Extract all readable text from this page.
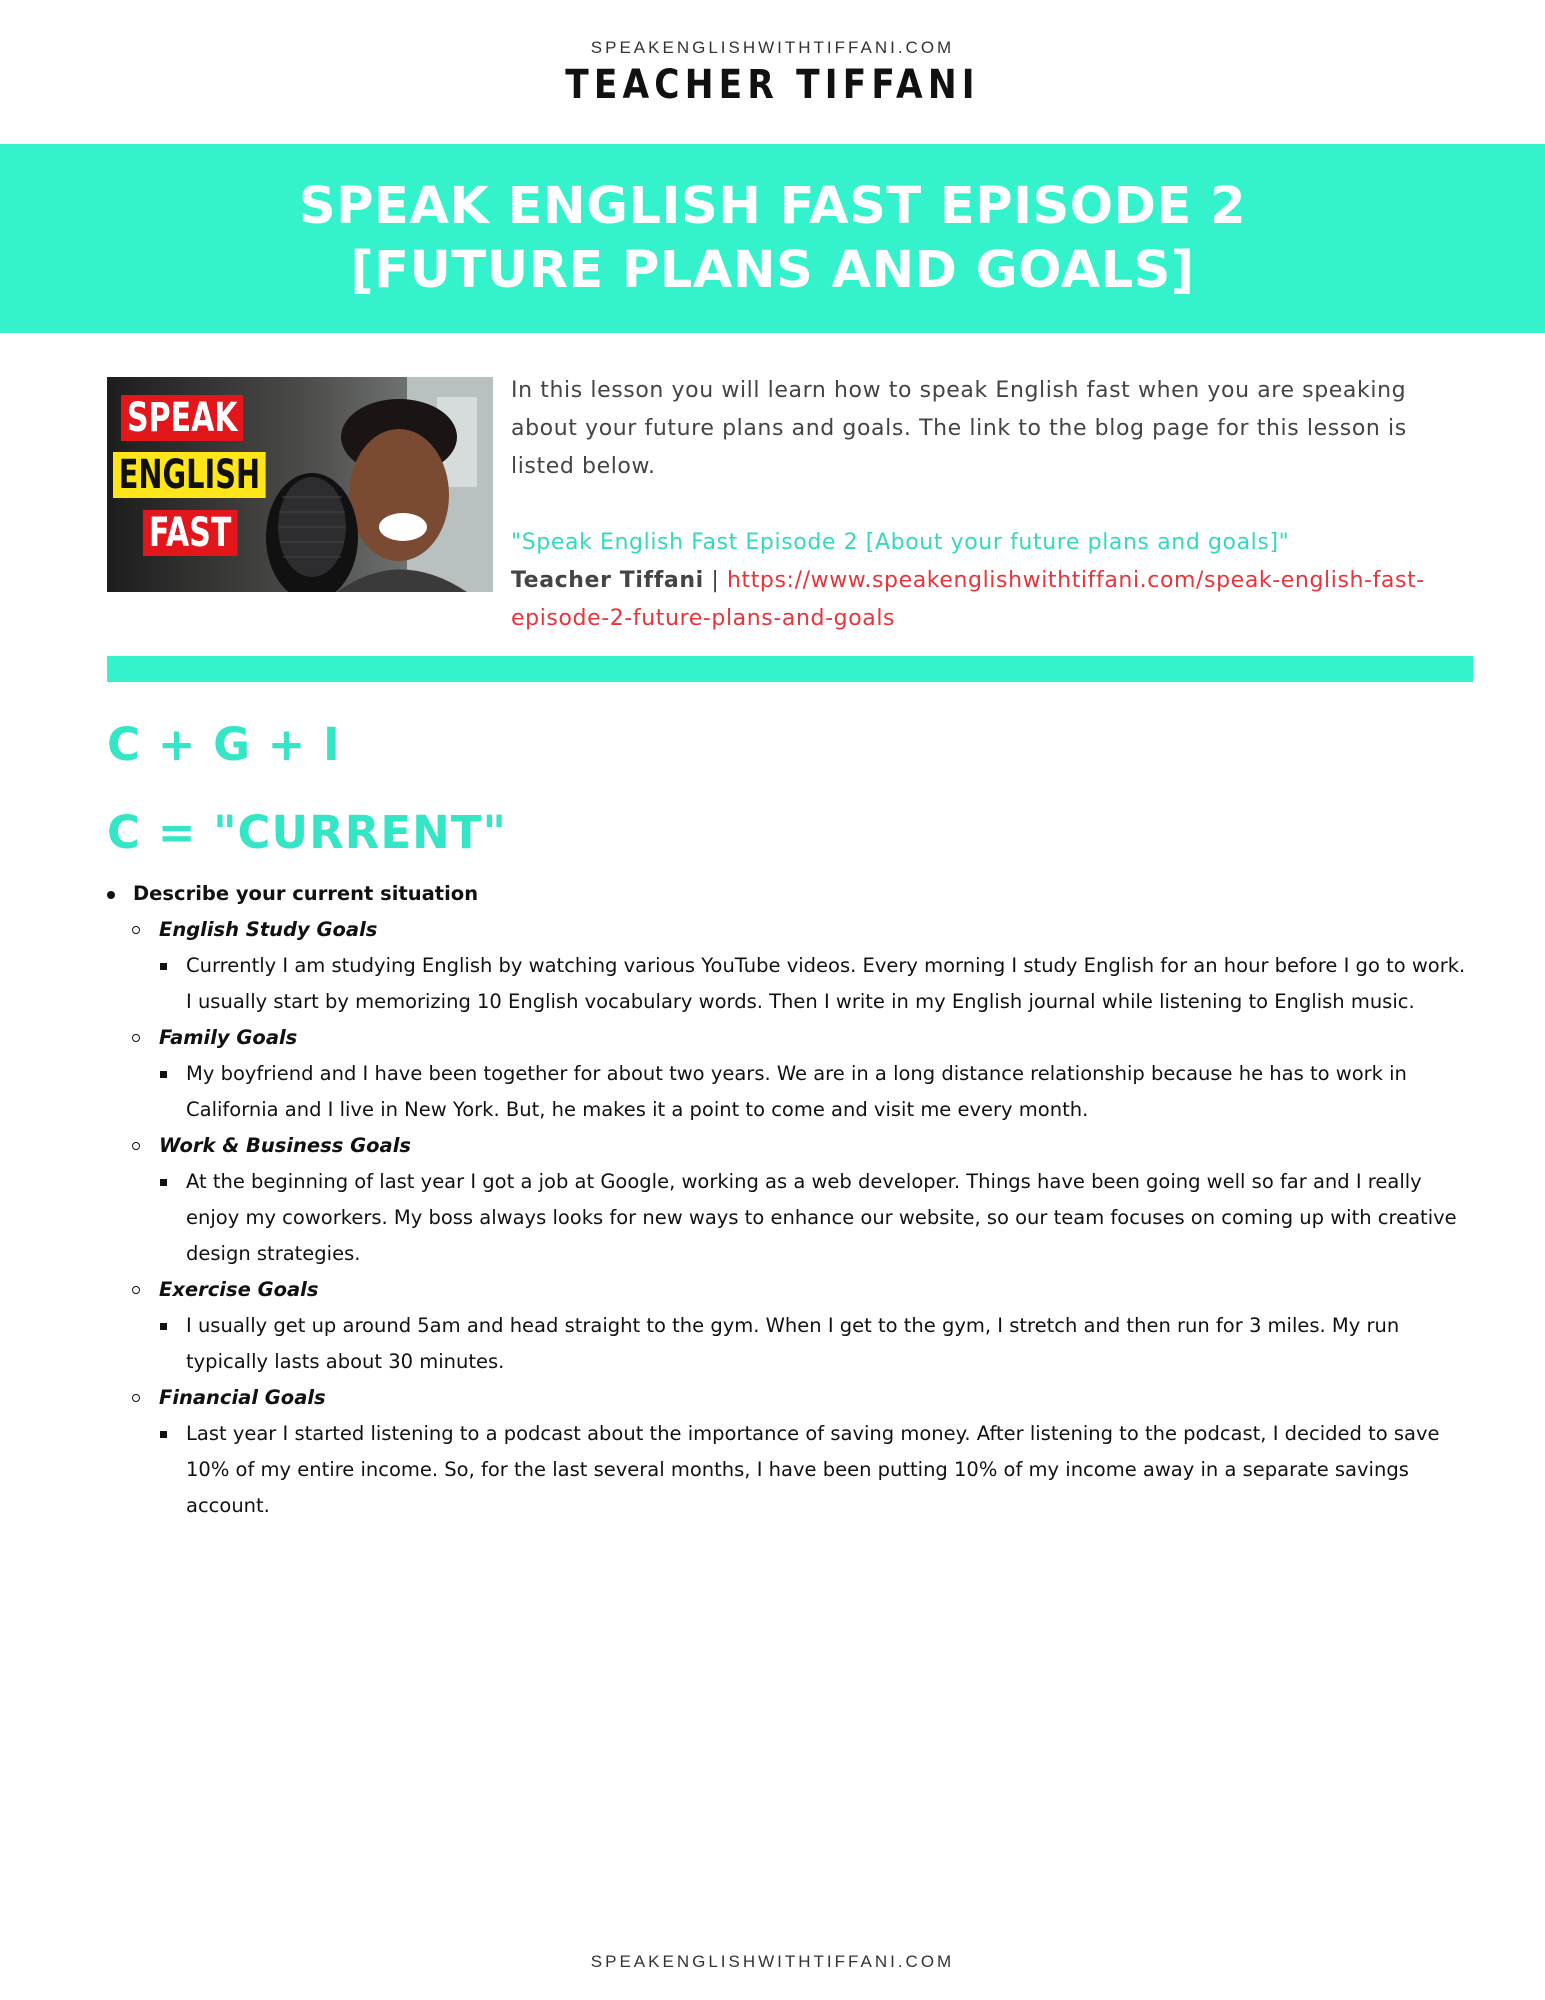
SPEAKENGLISHWITHTIFFANI.COM
TEACHER TIFFANI
SPEAK ENGLISH FAST EPISODE 2
[FUTURE PLANS AND GOALS]
SPEAK
ENGLISH
FAST

In this lesson you will learn how to speak English fast when you are speaking about your future plans and goals. The link to the blog page for this lesson is listed below.

"Speak English Fast Episode 2 [About your future plans and goals]"

Teacher Tiffani | https://www.speakenglishwithtiffani.com/speak-english-fast-episode-2-future-plans-and-goals

C + G + I
C = "CURRENT"
Describe your current situation
English Study Goals
Currently I am studying English by watching various YouTube videos. Every morning I study English for an hour before I go to work. I usually start by memorizing 10 English vocabulary words. Then I write in my English journal while listening to English music.
Family Goals
My boyfriend and I have been together for about two years. We are in a long distance relationship because he has to work in California and I live in New York. But, he makes it a point to come and visit me every month.
Work & Business Goals
At the beginning of last year I got a job at Google, working as a web developer. Things have been going well so far and I really enjoy my coworkers. My boss always looks for new ways to enhance our website, so our team focuses on coming up with creative design strategies.
Exercise Goals
I usually get up around 5am and head straight to the gym. When I get to the gym, I stretch and then run for 3 miles. My run typically lasts about 30 minutes.
Financial Goals
Last year I started listening to a podcast about the importance of saving money. After listening to the podcast, I decided to save 10% of my entire income. So, for the last several months, I have been putting 10% of my income away in a separate savings account.
SPEAKENGLISHWITHTIFFANI.COM
